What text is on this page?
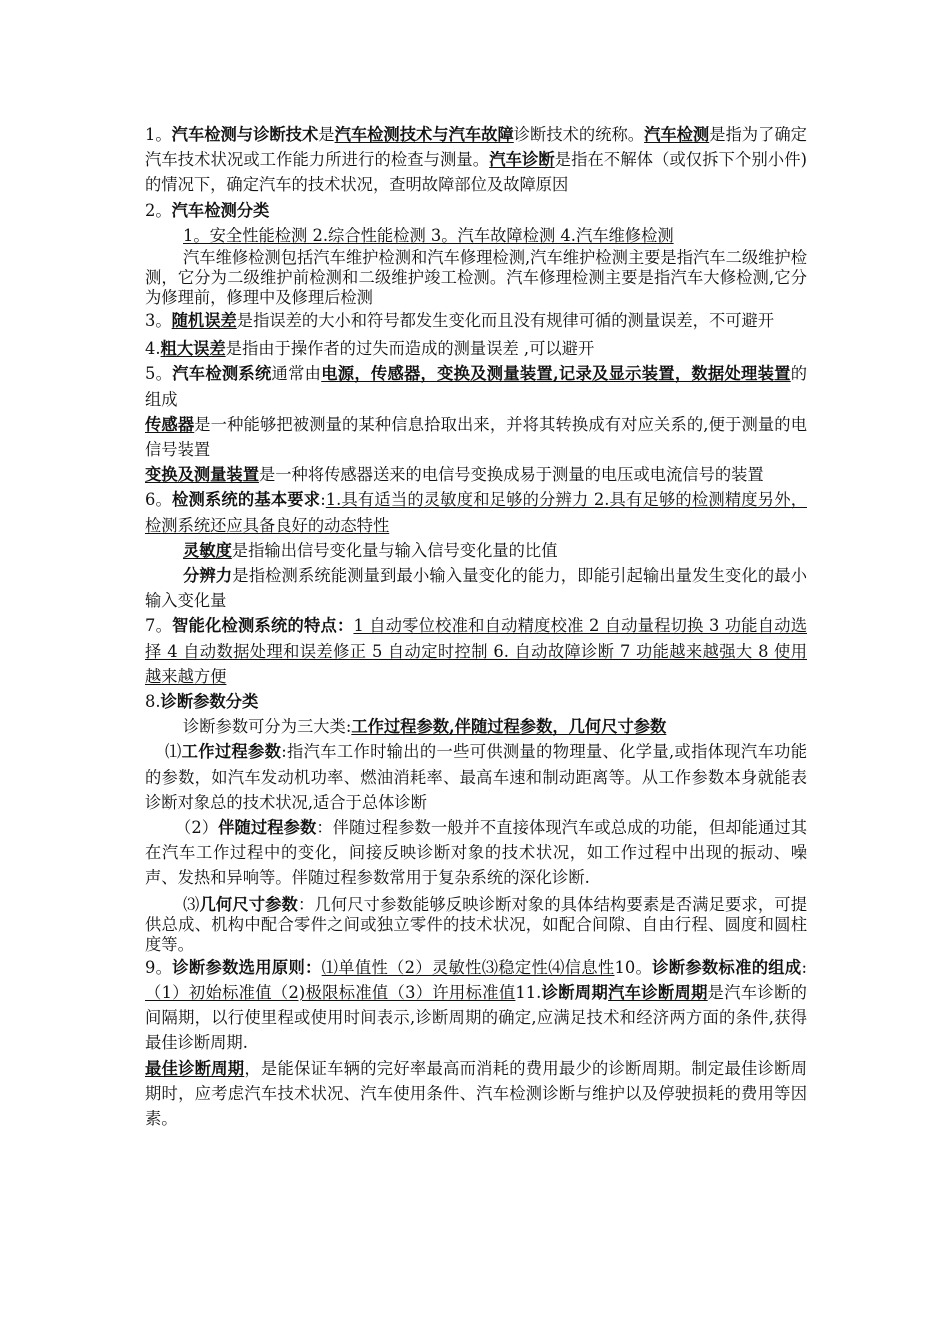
1。汽车检测与诊断技术是汽车检测技术与汽车故障诊断技术的统称。汽车检测是指为了确定汽车技术状况或工作能力所进行的检查与测量。汽车诊断是指在不解体（或仅拆下个别小件)的情况下，确定汽车的技术状况，查明故障部位及故障原因

2。汽车检测分类

1。安全性能检测 2.综合性能检测 3。汽车故障检测 4.汽车维修检测

汽车维修检测包括汽车维护检测和汽车修理检测,汽车维护检测主要是指汽车二级维护检测，它分为二级维护前检测和二级维护竣工检测。汽车修理检测主要是指汽车大修检测,它分为修理前，修理中及修理后检测

3。随机误差是指误差的大小和符号都发生变化而且没有规律可循的测量误差，不可避开

4.粗大误差是指由于操作者的过失而造成的测量误差 ,可以避开

5。汽车检测系统通常由电源，传感器，变换及测量装置,记录及显示装置，数据处理装置的组成

传感器是一种能够把被测量的某种信息拾取出来，并将其转换成有对应关系的,便于测量的电信号装置

变换及测量装置是一种将传感器送来的电信号变换成易于测量的电压或电流信号的装置

6。检测系统的基本要求:1.具有适当的灵敏度和足够的分辨力 2.具有足够的检测精度另外，检测系统还应具备良好的动态特性

灵敏度是指输出信号变化量与输入信号变化量的比值

分辨力是指检测系统能测量到最小输入量变化的能力，即能引起输出量发生变化的最小输入变化量

7。智能化检测系统的特点：1 自动零位校准和自动精度校准 2 自动量程切换 3 功能自动选择 4 自动数据处理和误差修正 5 自动定时控制 6. 自动故障诊断 7 功能越来越强大 8 使用越来越方便

8.诊断参数分类

诊断参数可分为三大类:工作过程参数,伴随过程参数，几何尺寸参数

⑴工作过程参数:指汽车工作时输出的一些可供测量的物理量、化学量,或指体现汽车功能的参数，如汽车发动机功率、燃油消耗率、最高车速和制动距离等。从工作参数本身就能表诊断对象总的技术状况,适合于总体诊断

（2）伴随过程参数：伴随过程参数一般并不直接体现汽车或总成的功能，但却能通过其在汽车工作过程中的变化，间接反映诊断对象的技术状况，如工作过程中出现的振动、噪声、发热和异响等。伴随过程参数常用于复杂系统的深化诊断.

⑶几何尺寸参数：几何尺寸参数能够反映诊断对象的具体结构要素是否满足要求，可提供总成、机构中配合零件之间或独立零件的技术状况，如配合间隙、自由行程、圆度和圆柱度等。

9。诊断参数选用原则：⑴单值性（2）灵敏性⑶稳定性⑷信息性10。诊断参数标准的组成:（1）初始标准值（2)极限标准值（3）许用标准值11.诊断周期汽车诊断周期是汽车诊断的间隔期，以行使里程或使用时间表示,诊断周期的确定,应满足技术和经济两方面的条件,获得最佳诊断周期.

最佳诊断周期，是能保证车辆的完好率最高而消耗的费用最少的诊断周期。制定最佳诊断周期时，应考虑汽车技术状况、汽车使用条件、汽车检测诊断与维护以及停驶损耗的费用等因素。
